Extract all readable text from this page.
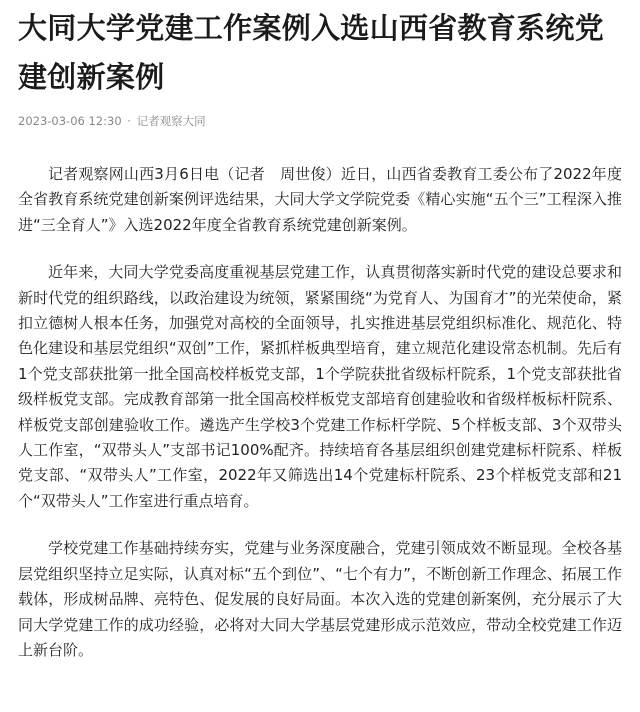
大同大学党建工作案例入选山西省教育系统党建创新案例
2023-03-06 12:30 · 记者观察大同

记者观察网山西3月6日电（记者　周世俊）近日，山西省委教育工委公布了2022年度全省教育系统党建创新案例评选结果，大同大学文学院党委《精心实施“五个三”工程深入推进“三全育人”》入选2022年度全省教育系统党建创新案例。

近年来，大同大学党委高度重视基层党建工作，认真贯彻落实新时代党的建设总要求和新时代党的组织路线，以政治建设为统领，紧紧围绕“为党育人、为国育才”的光荣使命，紧扣立德树人根本任务，加强党对高校的全面领导，扎实推进基层党组织标准化、规范化、特色化建设和基层党组织“双创”工作，紧抓样板典型培育，建立规范化建设常态机制。先后有1个党支部获批第一批全国高校样板党支部，1个学院获批省级标杆院系，1个党支部获批省级样板党支部。完成教育部第一批全国高校样板党支部培育创建验收和省级样板标杆院系、样板党支部创建验收工作。遴选产生学校3个党建工作标杆学院、5个样板支部、3个双带头人工作室，“双带头人”支部书记100%配齐。持续培育各基层组织创建党建标杆院系、样板党支部、“双带头人”工作室，2022年又筛选出14个党建标杆院系、23个样板党支部和21个“双带头人”工作室进行重点培育。

学校党建工作基础持续夯实，党建与业务深度融合，党建引领成效不断显现。全校各基层党组织坚持立足实际，认真对标“五个到位”、“七个有力”，不断创新工作理念、拓展工作载体，形成树品牌、亮特色、促发展的良好局面。本次入选的党建创新案例，充分展示了大同大学党建工作的成功经验，必将对大同大学基层党建形成示范效应，带动全校党建工作迈上新台阶。
